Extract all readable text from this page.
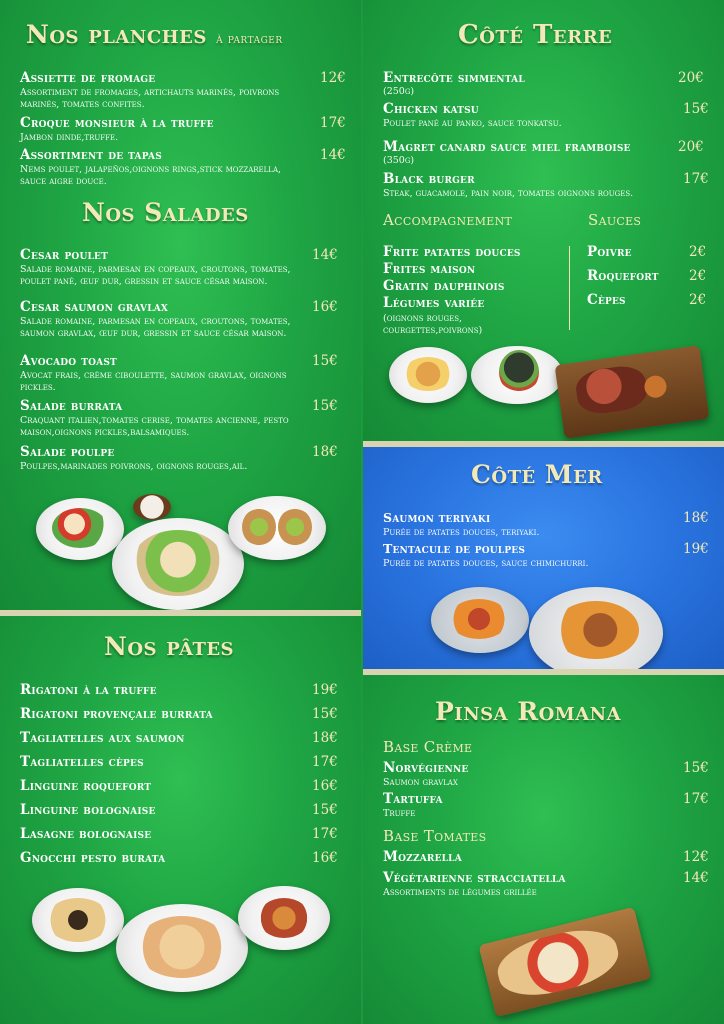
Nos planches à partager
Assiette de fromage	12€
Assortiment de fromages, artichauts marinés, poivrons marinés, tomates confites.
Croque monsieur à la truffe	17€
Jambon dinde,truffe.
Assortiment de tapas	14€
Nems poulet, jalapeños,oignons rings,stick mozzarella, sauce aigre douce.
Nos Salades
Cesar poulet	14€
Salade romaine, parmesan en copeaux, croutons, tomates, poulet pané, œuf dur, gressin et sauce césar maison.
Cesar saumon gravlax	16€
Salade romaine, parmesan en copeaux, croutons, tomates, saumon gravlax, œuf dur, gressin et sauce césar maison.
Avocado toast	15€
Avocat frais, crème ciboulette, saumon gravlax, oignons pickles.
Salade burrata	15€
Craquant italien,tomates cerise, tomates ancienne, pesto maison,oignons pickles,balsamiques.
Salade poulpe	18€
Poulpes,marinades poivrons, oignons rouges,ail.
Côté Terre
Entrecôte simmental	20€
(250g)
Chicken katsu	15€
Poulet pané au panko, sauce tonkatsu.
Magret canard sauce miel framboise	20€
(350g)
Black burger	17€
Steak, guacamole, pain noir, tomates oignons rouges.
Accompagnement	Sauces
Frite patates douces
Frites maison
Gratin dauphinois
Légumes variée
(oignons rouges, courgettes,poivrons)
Poivre	2€
Roquefort 2€
Cèpes	2€
Côté Mer
Saumon teriyaki	18€
Purée de patates douces, teriyaki.
Tentacule de poulpes	19€
Purée de patates douces, sauce chimichurri.
Nos pâtes
Rigatoni à la truffe	19€
Rigatoni provençale burrata	15€
Tagliatelles aux saumon	18€
Tagliatelles cèpes	17€
Linguine roquefort	16€
Linguine bolognaise	15€
Lasagne bolognaise	17€
Gnocchi pesto burata	16€
Pinsa Romana
Base Crème
Norvégienne	15€
Saumon gravlax
Tartuffa	17€
Truffe
Base Tomates
Mozzarella	12€
Végétarienne stracciatella	14€
Assortiments de légumes grillée
